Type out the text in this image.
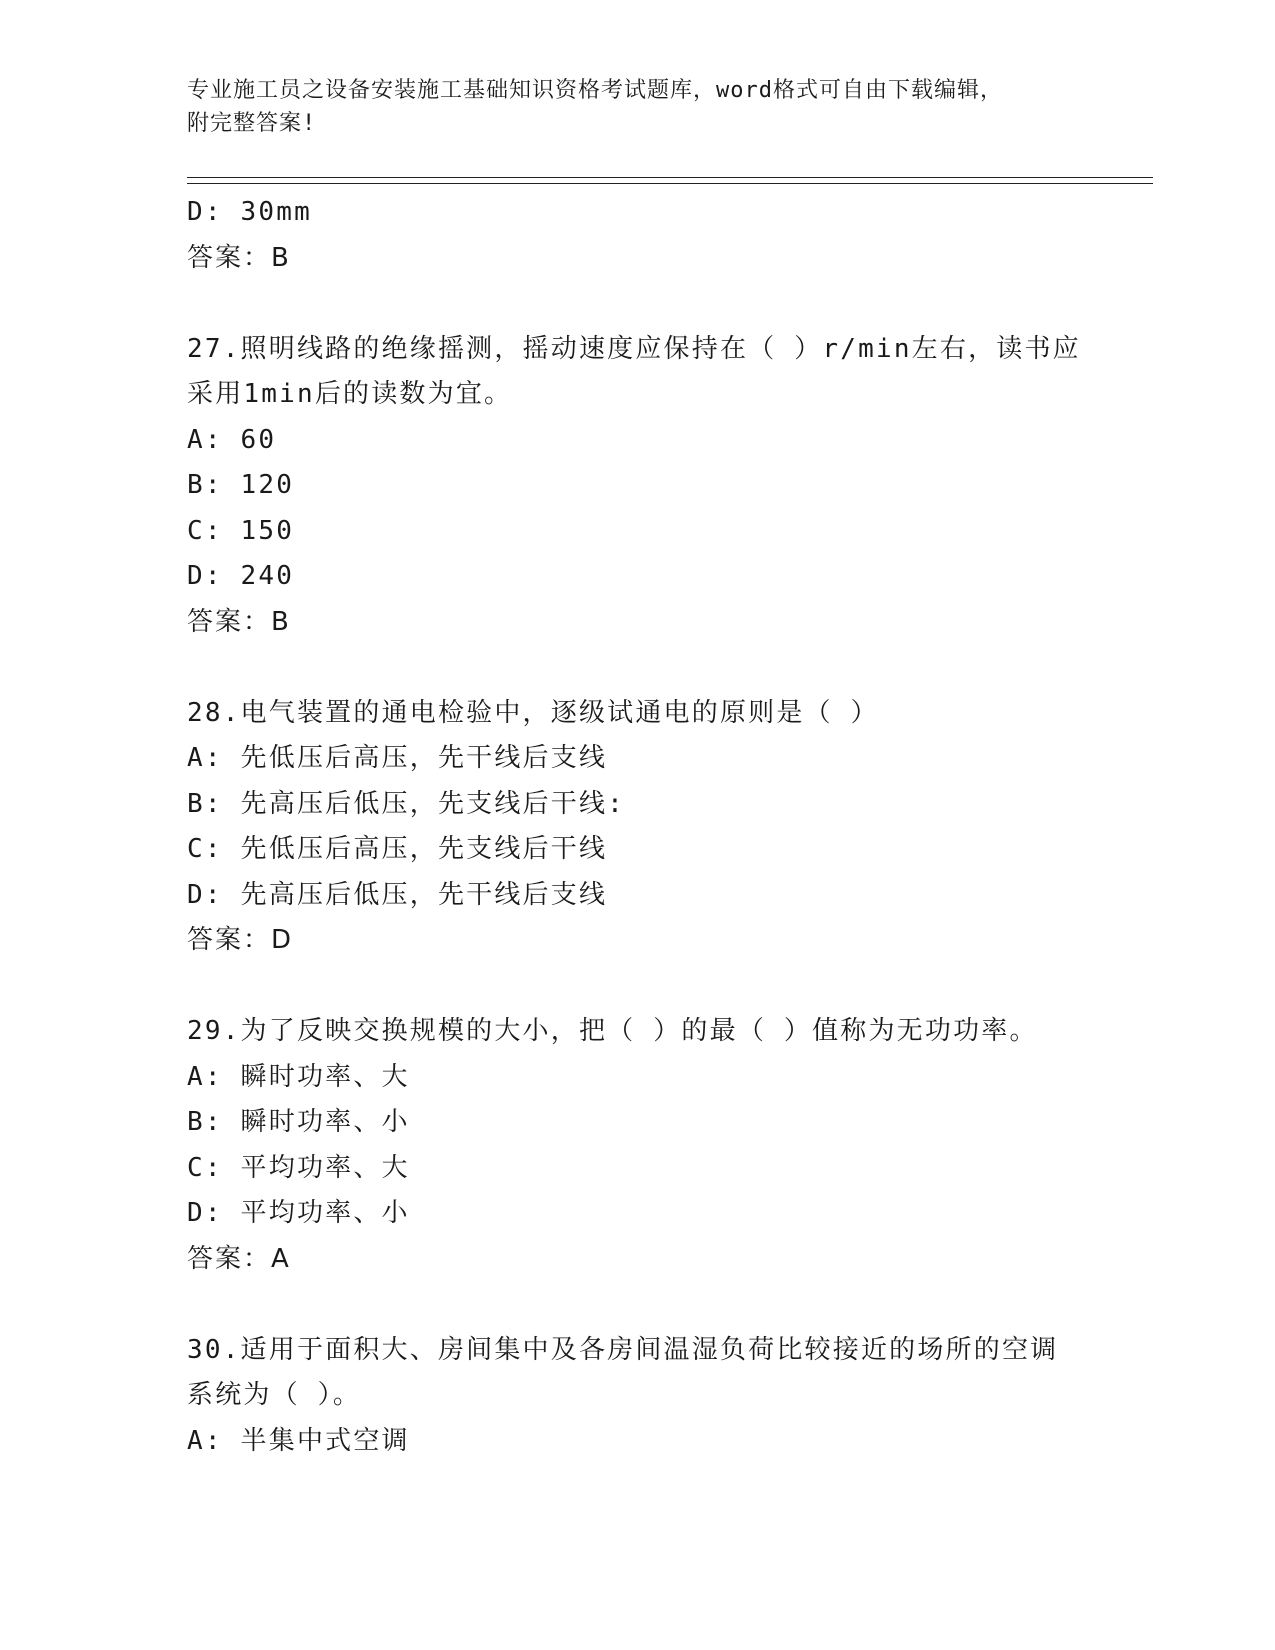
专业施工员之设备安装施工基础知识资格考试题库，word格式可自由下载编辑，
附完整答案!
D: 30mm
答案：B
27.照明线路的绝缘摇测，摇动速度应保持在（ ）r/min左右，读书应
采用1min后的读数为宜。
A: 60
B: 120
C: 150
D: 240
答案：B
28.电气装置的通电检验中，逐级试通电的原则是（ ）
A: 先低压后高压，先干线后支线
B: 先高压后低压，先支线后干线:
C: 先低压后高压，先支线后干线
D: 先高压后低压，先干线后支线
答案：D
29.为了反映交换规模的大小，把（ ）的最（ ）值称为无功功率。
A: 瞬时功率、大
B: 瞬时功率、小
C: 平均功率、大
D: 平均功率、小
答案：A
30.适用于面积大、房间集中及各房间温湿负荷比较接近的场所的空调
系统为（ ）。
A: 半集中式空调
